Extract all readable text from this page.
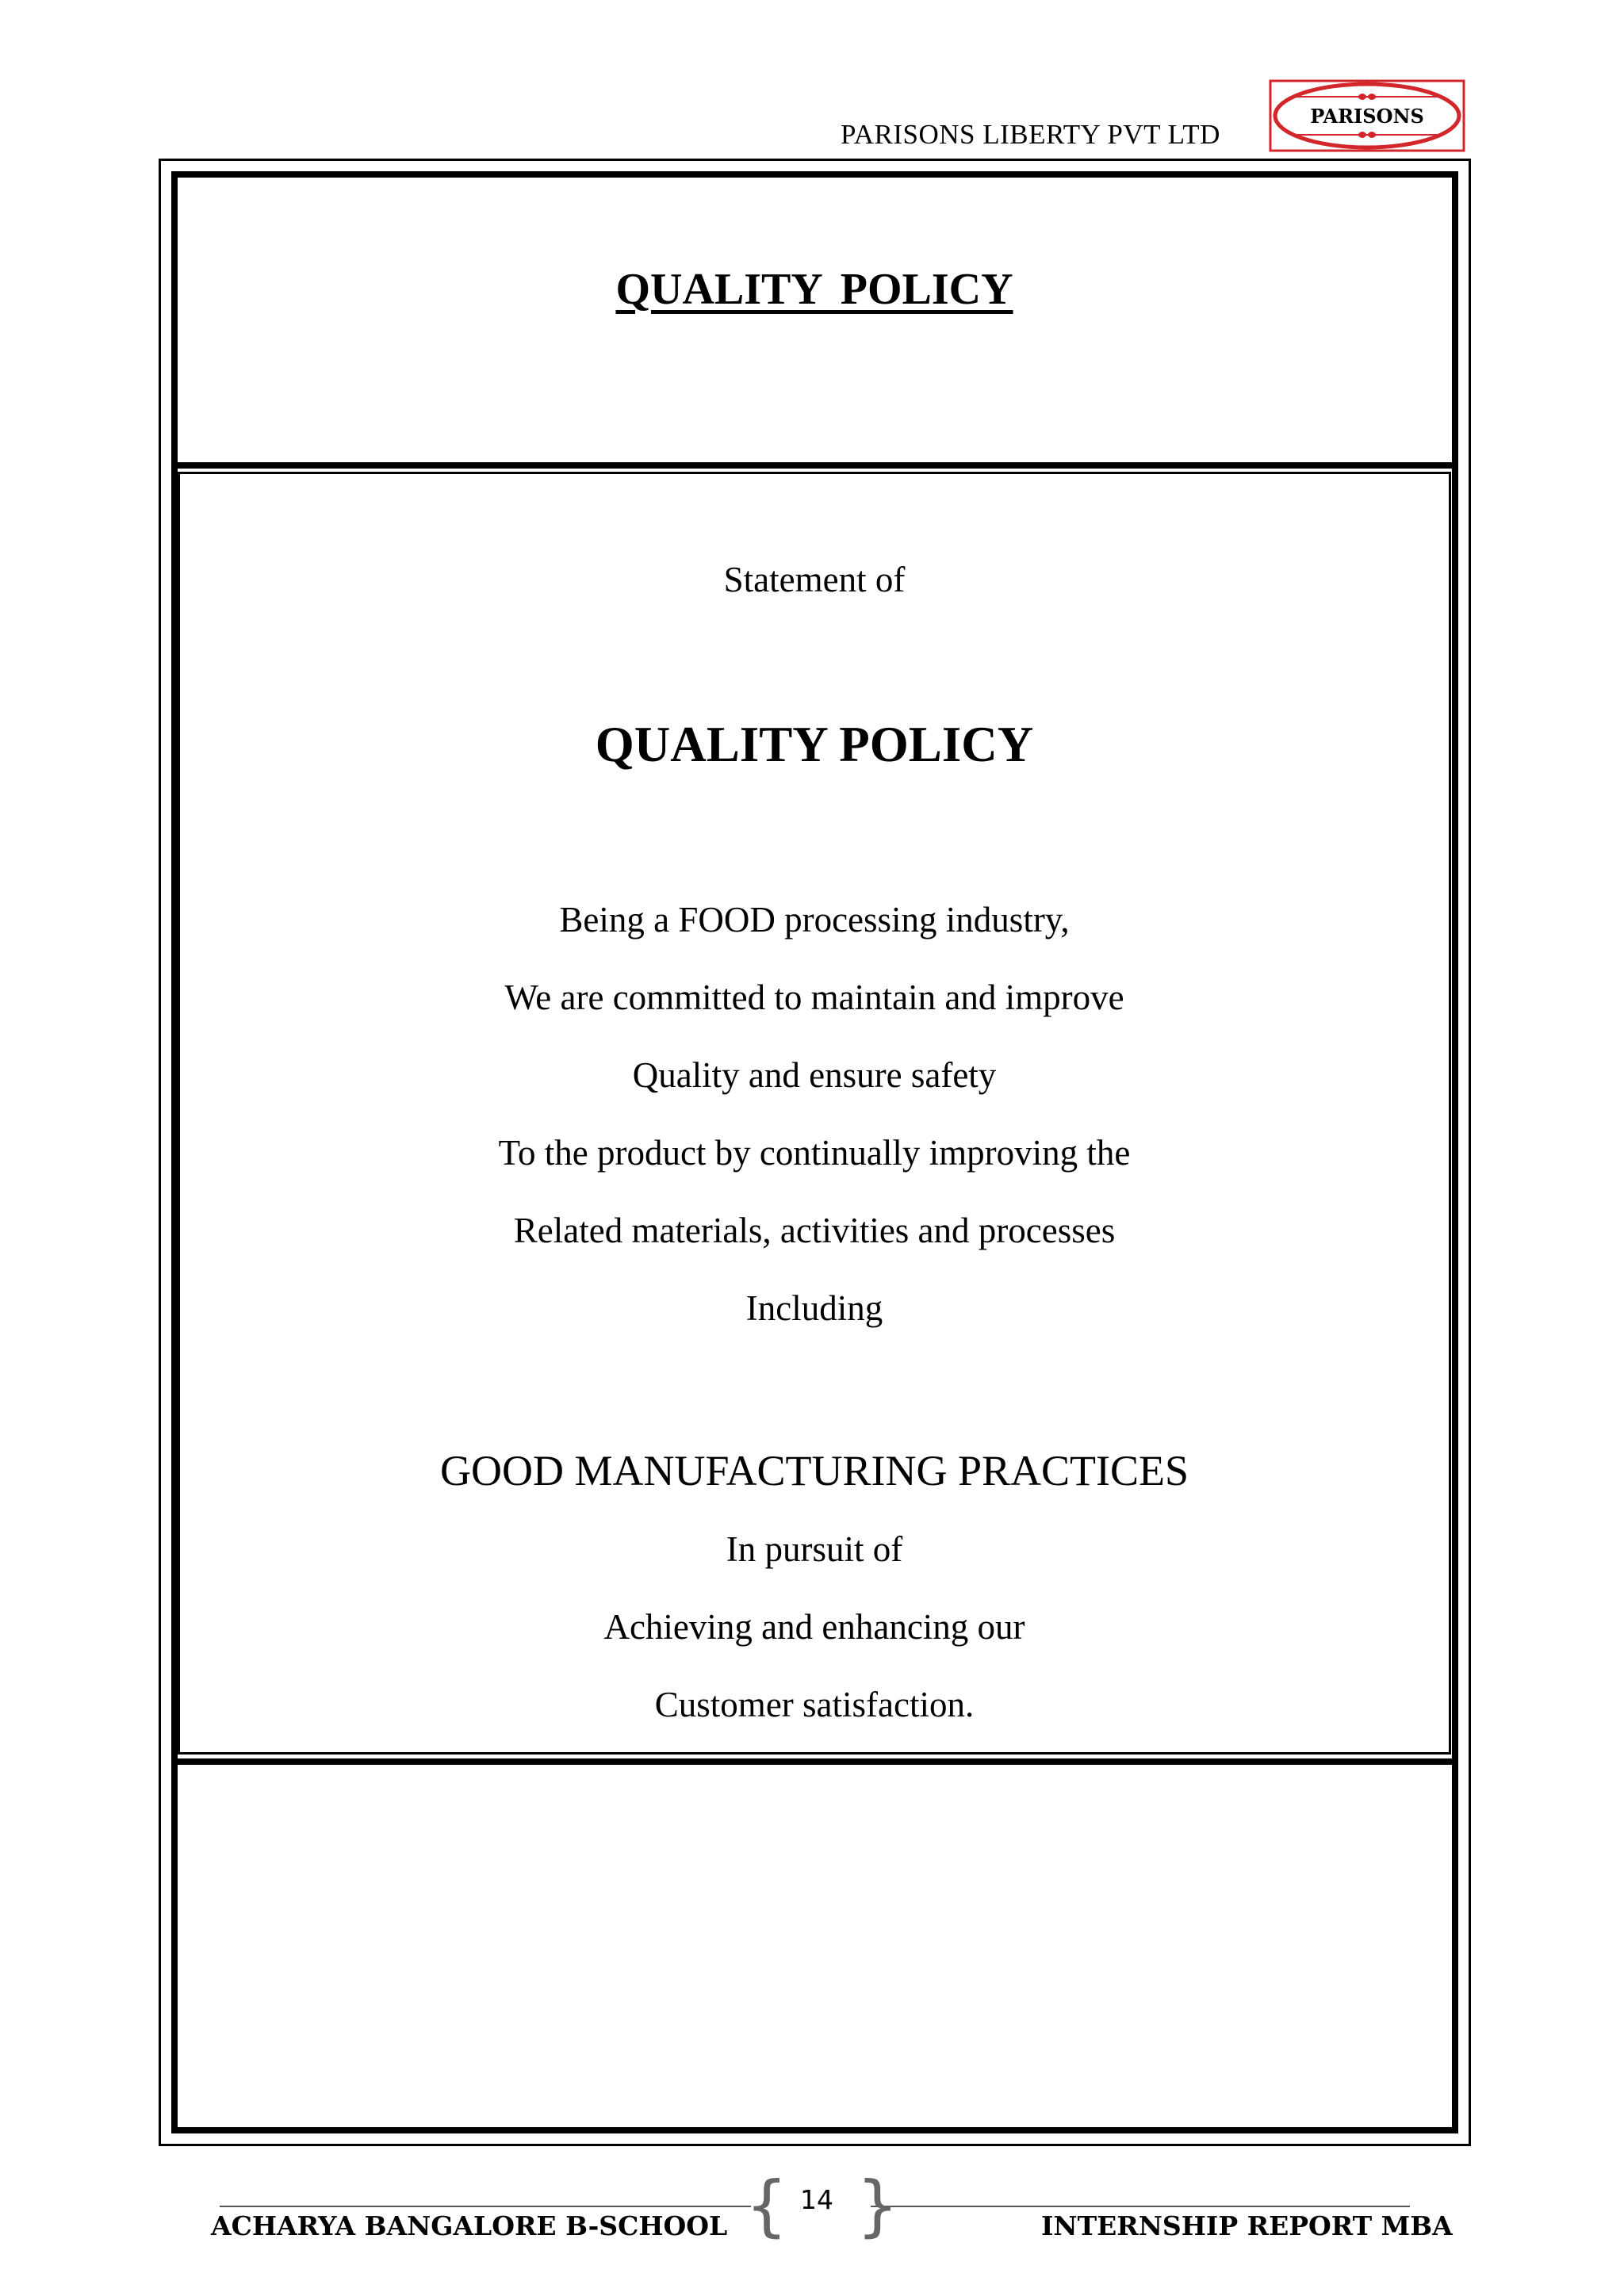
PARISONS LIBERTY PVT LTD
PARISONS
QUALITY POLICY
Statement of
QUALITY POLICY
Being a FOOD processing industry,
We are committed to maintain and improve
Quality and ensure safety
To the product by continually improving the
Related materials, activities and processes
Including
GOOD MANUFACTURING PRACTICES
In pursuit of
Achieving and enhancing our
Customer satisfaction.
ACHARYA BANGALORE B-SCHOOL { 14 }	INTERNSHIP REPORT MBA
